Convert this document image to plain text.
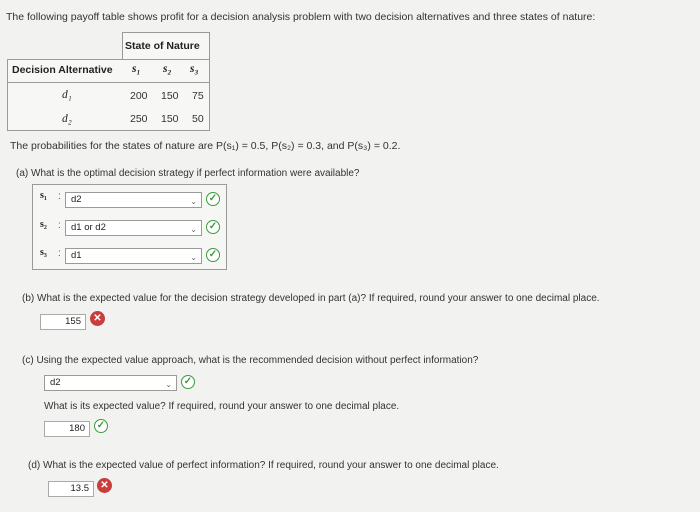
The following payoff table shows profit for a decision analysis problem with two decision alternatives and three states of nature:
State of Nature
Decision Alternative s₁ s₂ s₃
d₁	200 150 75
d₂	250 150 50
The probabilities for the states of nature are P(s₁) = 0.5, P(s₂) = 0.3, and P(s₃) = 0.2.
(a) What is the optimal decision strategy if perfect information were available?
s₁ :	d2	⌄ ✓
s₂ :	d1 or d2	⌄ ✓
s₃ :	d1	⌄ ✓
(b) What is the expected value for the decision strategy developed in part (a)? If required, round your answer to one decimal place.
155	✕
(c) Using the expected value approach, what is the recommended decision without perfect information?
d2	⌄ ✓
What is its expected value? If required, round your answer to one decimal place.
180	✓
(d) What is the expected value of perfect information? If required, round your answer to one decimal place.
13.5	✕
